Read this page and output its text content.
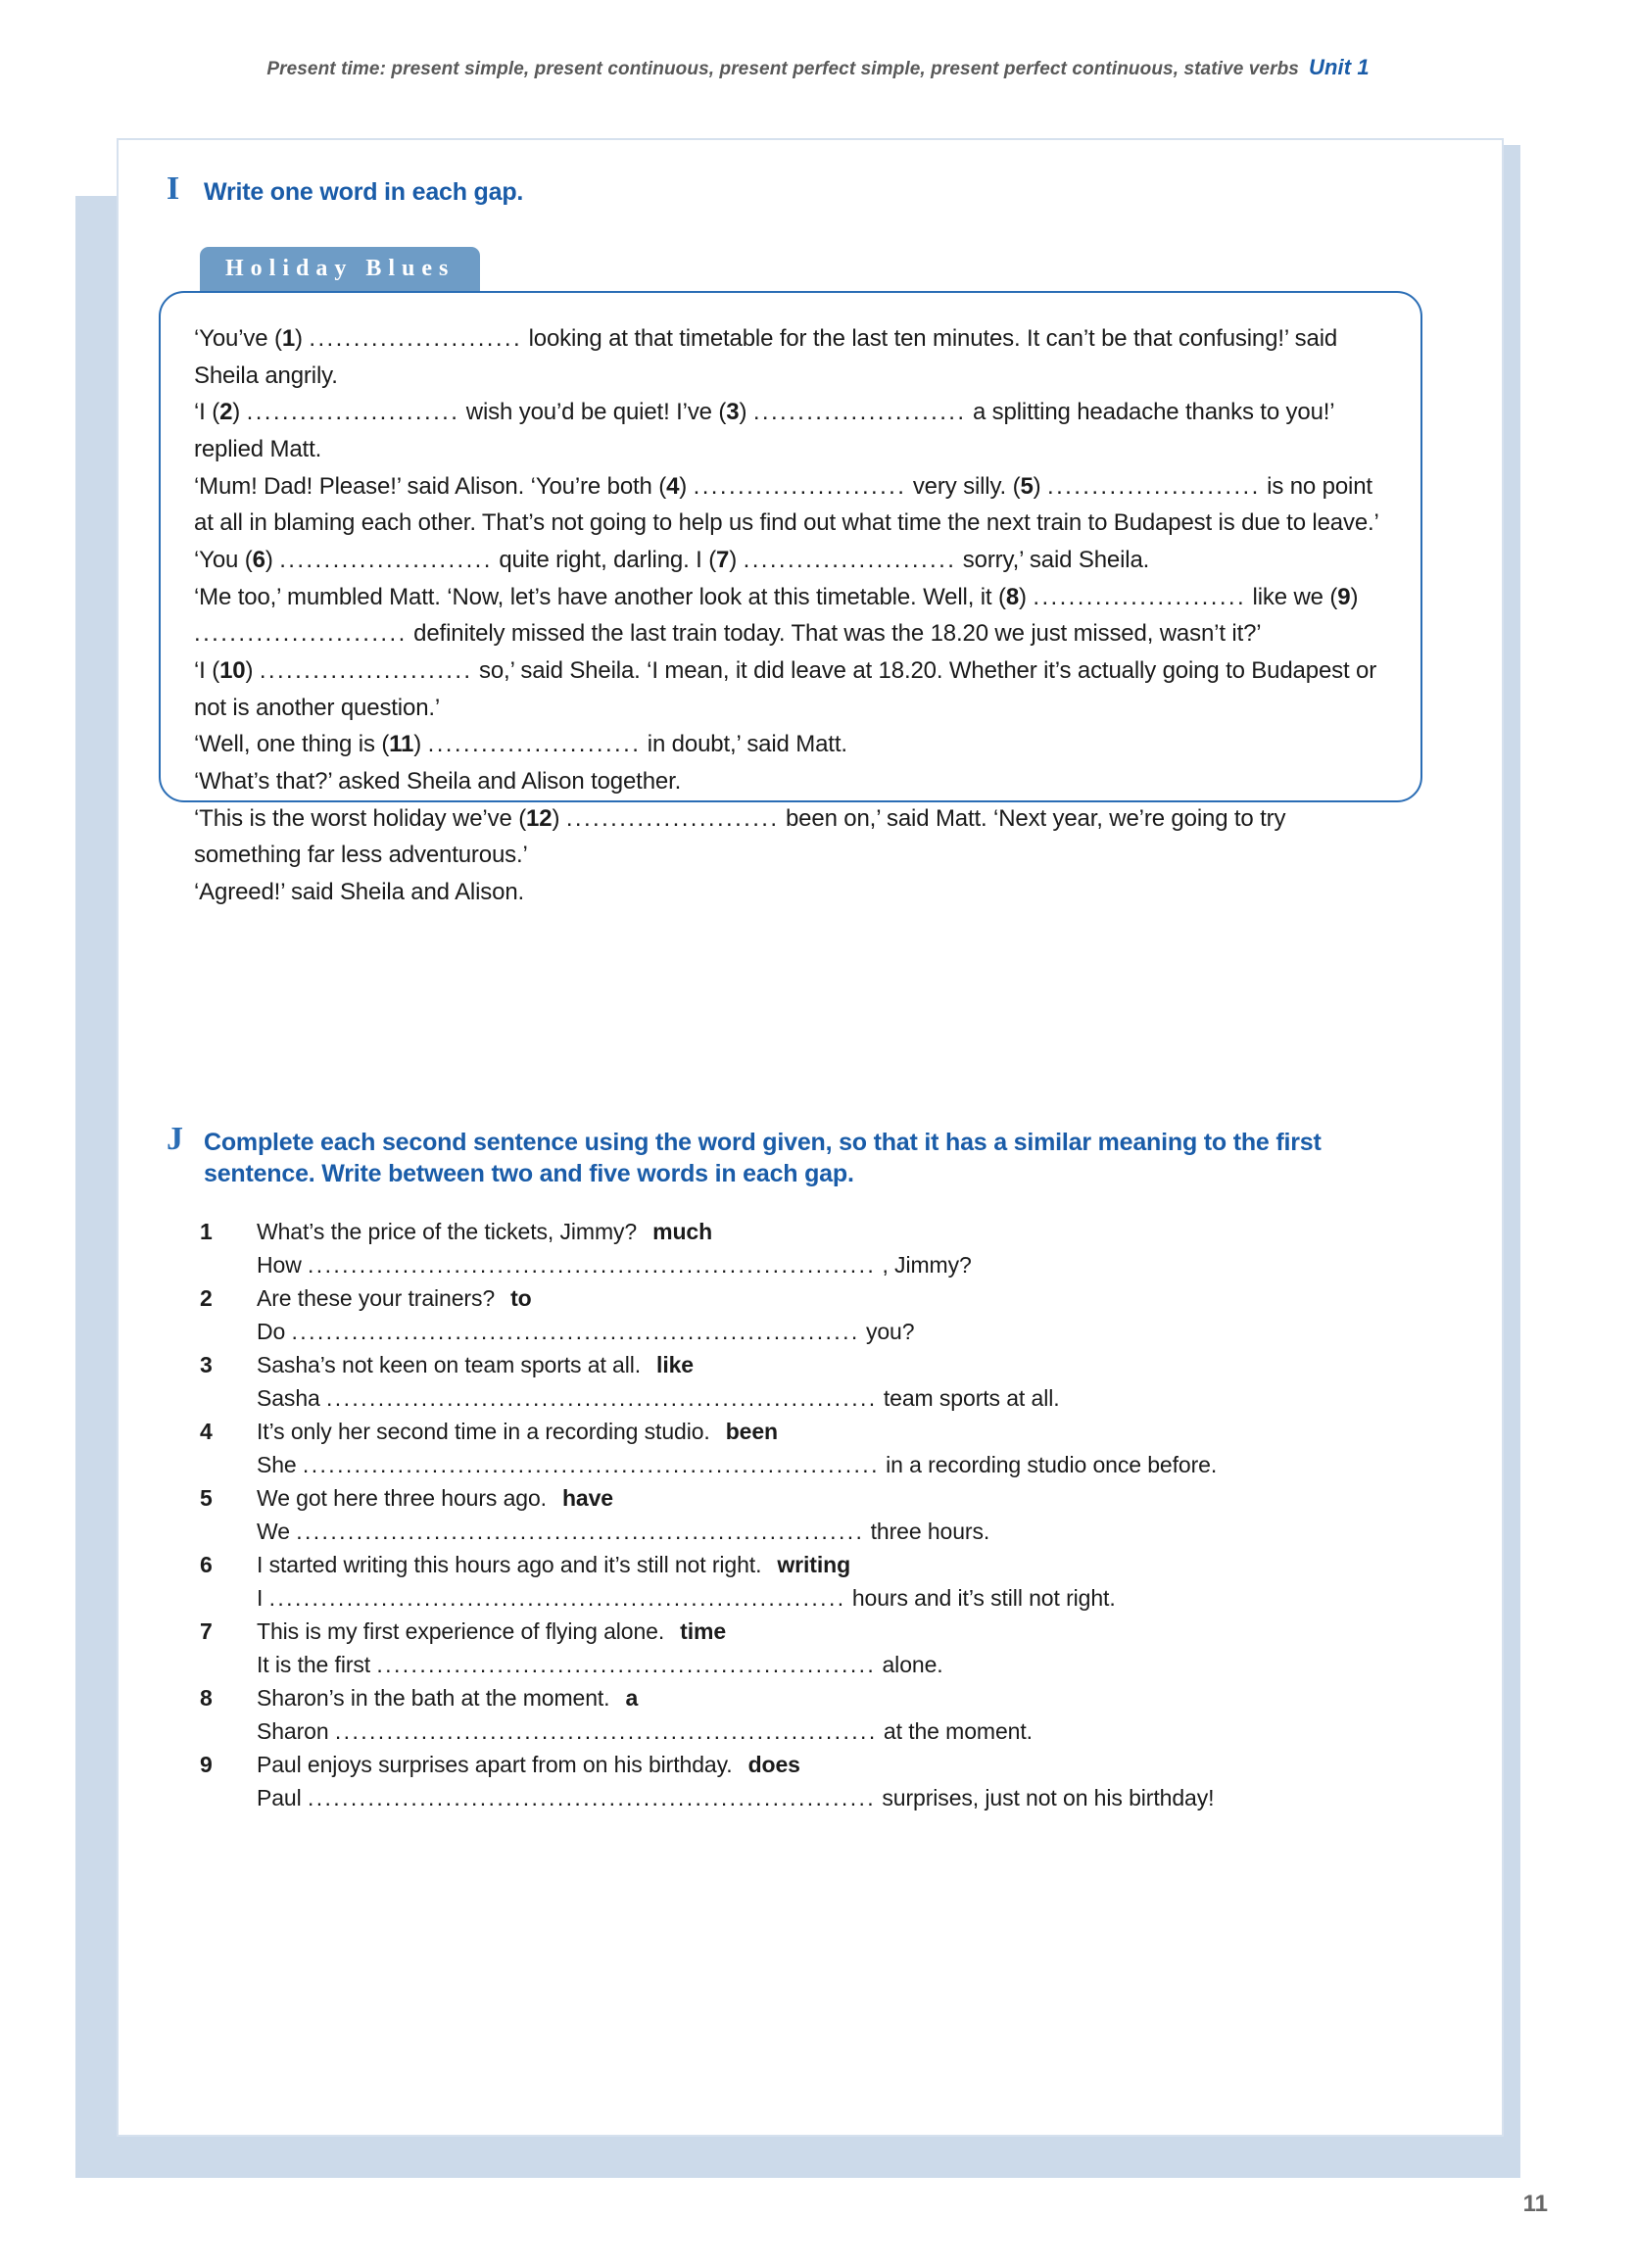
Present time: present simple, present continuous, present perfect simple, present perfect continuous, stative verbs Unit 1
I Write one word in each gap.
Holiday Blues

‘You’ve (1) ........................ looking at that timetable for the last ten minutes. It can’t be that confusing!’ said Sheila angrily.

‘I (2) ........................ wish you’d be quiet! I’ve (3) ........................ a splitting headache thanks to you!’ replied Matt.

‘Mum! Dad! Please!’ said Alison. ‘You’re both (4) ........................ very silly. (5) ........................ is no point at all in blaming each other. That’s not going to help us find out what time the next train to Budapest is due to leave.’

‘You (6) ........................ quite right, darling. I (7) ........................ sorry,’ said Sheila.

‘Me too,’ mumbled Matt. ‘Now, let’s have another look at this timetable. Well, it (8) ........................ like we (9) ........................ definitely missed the last train today. That was the 18.20 we just missed, wasn’t it?’

‘I (10) ........................ so,’ said Sheila. ‘I mean, it did leave at 18.20. Whether it’s actually going to Budapest or not is another question.’

‘Well, one thing is (11) ........................ in doubt,’ said Matt.

‘What’s that?’ asked Sheila and Alison together.

‘This is the worst holiday we’ve (12) ........................ been on,’ said Matt. ‘Next year, we’re going to try something far less adventurous.’

‘Agreed!’ said Sheila and Alison.

J Complete each second sentence using the word given, so that it has a similar meaning to the first sentence. Write between two and five words in each gap.
1	What’s the price of the tickets, Jimmy? much
How .................................................................. , Jimmy?
2	Are these your trainers? to
Do .................................................................. you?
3	Sasha’s not keen on team sports at all. like
Sasha ................................................................ team sports at all.
4	It’s only her second time in a recording studio. been
She ................................................................... in a recording studio once before.
5	We got here three hours ago. have
We .................................................................. three hours.
6	I started writing this hours ago and it’s still not right. writing
I ................................................................... hours and it’s still not right.
7	This is my first experience of flying alone. time
It is the first .......................................................... alone.
8	Sharon’s in the bath at the moment. a
Sharon ............................................................... at the moment.
9	Paul enjoys surprises apart from on his birthday. does
Paul .................................................................. surprises, just not on his birthday!
11
